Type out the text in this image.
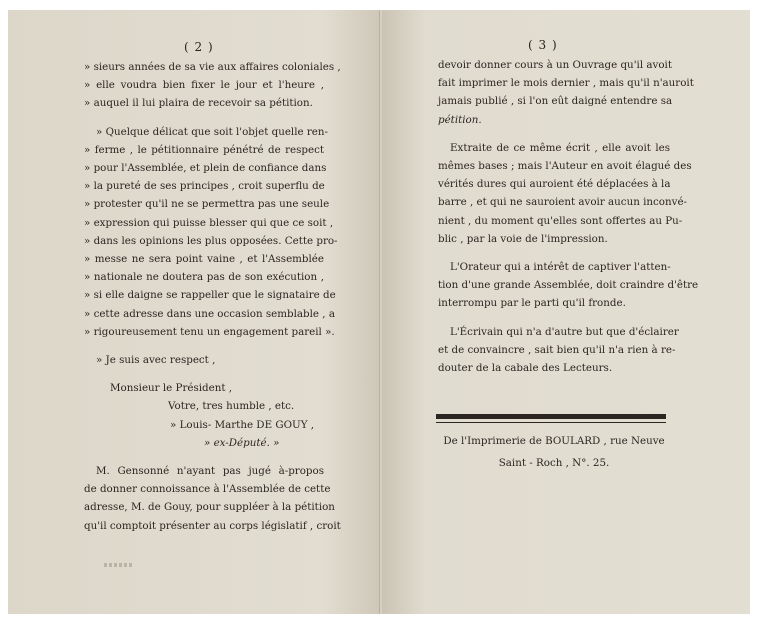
( 2 )
» sieurs années de sa vie aux affaires coloniales ,
» elle voudra bien fixer le jour et l'heure ,
» auquel il lui plaira de recevoir sa pétition.
» Quelque délicat que soit l'objet quelle ren-
» ferme , le pétitionnaire pénétré de respect
» pour l'Assemblée, et plein de confiance dans
» la pureté de ses principes , croit superflu de
» protester qu'il ne se permettra pas une seule
» expression qui puisse blesser qui que ce soit ,
» dans les opinions les plus opposées. Cette pro-
» messe ne sera point vaine , et l'Assemblée
» nationale ne doutera pas de son exécution ,
» si elle daigne se rappeller que le signataire de
» cette adresse dans une occasion semblable , a
» rigoureusement tenu un engagement pareil ».
» Je suis avec respect ,
Monsieur le Président ,
Votre, tres humble , etc.
» Louis- Marthe DE GOUY ,
» ex-Député. »
M. Gensonné n'ayant pas jugé à-propos
de donner connoissance à l'Assemblée de cette
adresse, M. de Gouy, pour suppléer à la pétition
qu'il comptoit présenter au corps législatif , croit
( 3 )
devoir donner cours à un Ouvrage qu'il avoit
fait imprimer le mois dernier , mais qu'il n'auroit
jamais publié , si l'on eût daigné entendre sa
pétition.
Extraite de ce même écrit , elle avoit les
mêmes bases ; mais l'Auteur en avoit élagué des
vérités dures qui auroient été déplacées à la
barre , et qui ne sauroient avoir aucun inconvé-
nient , du moment qu'elles sont offertes au Pu-
blic , par la voie de l'impression.
L'Orateur qui a intérêt de captiver l'atten-
tion d'une grande Assemblée, doit craindre d'être
interrompu par le parti qu'il fronde.
L'Écrivain qui n'a d'autre but que d'éclairer
et de convaincre , sait bien qu'il n'a rien à re-
douter de la cabale des Lecteurs.
De l'Imprimerie de BOULARD , rue Neuve
Saint - Roch , N°. 25.
